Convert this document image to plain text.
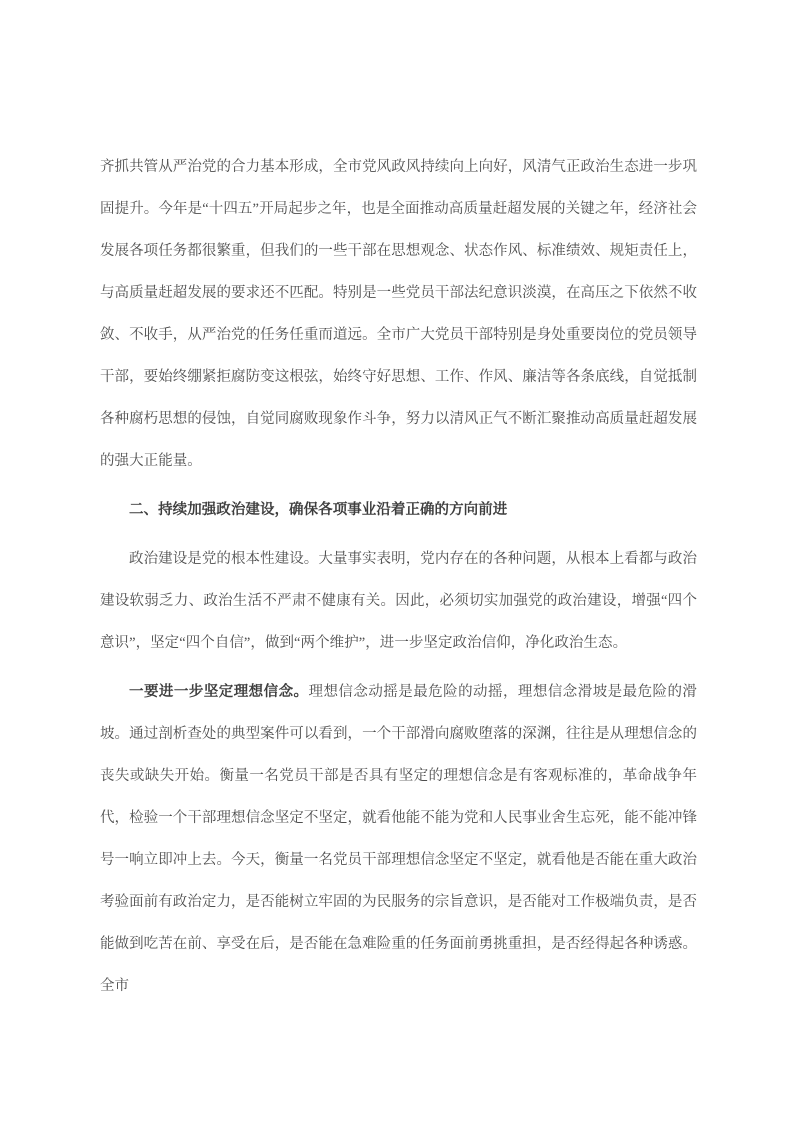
齐抓共管从严治党的合力基本形成，全市党风政风持续向上向好，风清气正政治生态进一步巩固提升。今年是“十四五”开局起步之年，也是全面推动高质量赶超发展的关键之年，经济社会发展各项任务都很繁重，但我们的一些干部在思想观念、状态作风、标准绩效、规矩责任上，与高质量赶超发展的要求还不匹配。特别是一些党员干部法纪意识淡漠，在高压之下依然不收敛、不收手，从严治党的任务任重而道远。全市广大党员干部特别是身处重要岗位的党员领导干部，要始终绷紧拒腐防变这根弦，始终守好思想、工作、作风、廉洁等各条底线，自觉抵制各种腐朽思想的侵蚀，自觉同腐败现象作斗争，努力以清风正气不断汇聚推动高质量赶超发展的强大正能量。

二、持续加强政治建设，确保各项事业沿着正确的方向前进

政治建设是党的根本性建设。大量事实表明，党内存在的各种问题，从根本上看都与政治建设软弱乏力、政治生活不严肃不健康有关。因此，必须切实加强党的政治建设，增强“四个意识”，坚定“四个自信”，做到“两个维护”，进一步坚定政治信仰，净化政治生态。

一要进一步坚定理想信念。理想信念动摇是最危险的动摇，理想信念滑坡是最危险的滑坡。通过剖析查处的典型案件可以看到，一个干部滑向腐败堕落的深渊，往往是从理想信念的丧失或缺失开始。衡量一名党员干部是否具有坚定的理想信念是有客观标准的，革命战争年代，检验一个干部理想信念坚定不坚定，就看他能不能为党和人民事业舍生忘死，能不能冲锋号一响立即冲上去。今天，衡量一名党员干部理想信念坚定不坚定，就看他是否能在重大政治考验面前有政治定力，是否能树立牢固的为民服务的宗旨意识，是否能对工作极端负责，是否能做到吃苦在前、享受在后，是否能在急难险重的任务面前勇挑重担，是否经得起各种诱惑。全市
